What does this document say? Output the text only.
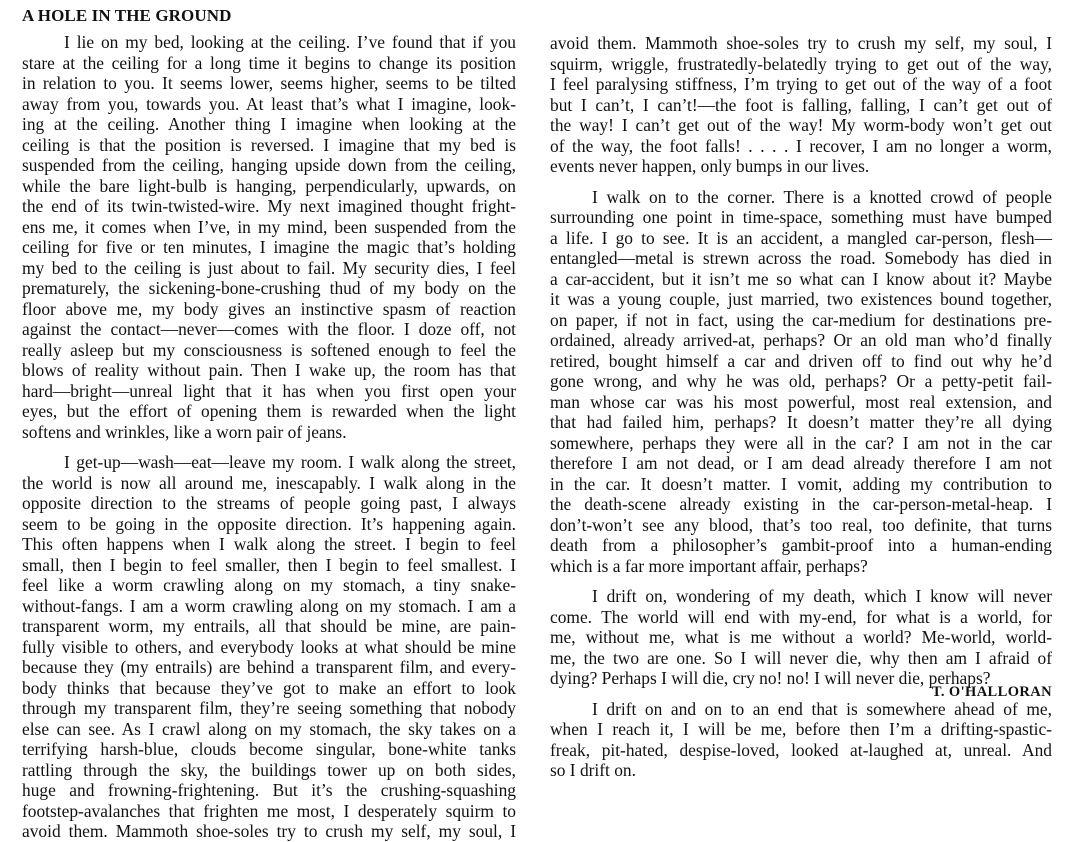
A HOLE IN THE GROUND
I lie on my bed, looking at the ceiling. I’ve found that if you
stare at the ceiling for a long time it begins to change its position
in relation to you. It seems lower, seems higher, seems to be tilted
away from you, towards you. At least that’s what I imagine, look-
ing at the ceiling. Another thing I imagine when looking at the
ceiling is that the position is reversed. I imagine that my bed is
suspended from the ceiling, hanging upside down from the ceiling,
while the bare light-bulb is hanging, perpendicularly, upwards, on
the end of its twin-twisted-wire. My next imagined thought fright-
ens me, it comes when I’ve, in my mind, been suspended from the
ceiling for five or ten minutes, I imagine the magic that’s holding
my bed to the ceiling is just about to fail. My security dies, I feel
prematurely, the sickening-bone-crushing thud of my body on the
floor above me, my body gives an instinctive spasm of reaction
against the contact—never—comes with the floor. I doze off, not
really asleep but my consciousness is softened enough to feel the
blows of reality without pain. Then I wake up, the room has that
hard—bright—unreal light that it has when you first open your
eyes, but the effort of opening them is rewarded when the light
softens and wrinkles, like a worn pair of jeans.
I get-up—wash—eat—leave my room. I walk along the street,
the world is now all around me, inescapably. I walk along in the
opposite direction to the streams of people going past, I always
seem to be going in the opposite direction. It’s happening again.
This often happens when I walk along the street. I begin to feel
small, then I begin to feel smaller, then I begin to feel smallest. I
feel like a worm crawling along on my stomach, a tiny snake-
without-fangs. I am a worm crawling along on my stomach. I am a
transparent worm, my entrails, all that should be mine, are pain-
fully visible to others, and everybody looks at what should be mine
because they (my entrails) are behind a transparent film, and every-
body thinks that because they’ve got to make an effort to look
through my transparent film, they’re seeing something that nobody
else can see. As I crawl along on my stomach, the sky takes on a
terrifying harsh-blue, clouds become singular, bone-white tanks
rattling through the sky, the buildings tower up on both sides,
huge and frowning-frightening. But it’s the crushing-squashing
footstep-avalanches that frighten me most, I desperately squirm to
avoid them. Mammoth shoe-soles try to crush my self, my soul, I
avoid them. Mammoth shoe-soles try to crush my self, my soul, I
squirm, wriggle, frustratedly-belatedly trying to get out of the way,
I feel paralysing stiffness, I’m trying to get out of the way of a foot
but I can’t, I can’t!—the foot is falling, falling, I can’t get out of
the way! I can’t get out of the way! My worm-body won’t get out
of the way, the foot falls! . . . . I recover, I am no longer a worm,
events never happen, only bumps in our lives.
I walk on to the corner. There is a knotted crowd of people
surrounding one point in time-space, something must have bumped
a life. I go to see. It is an accident, a mangled car-person, flesh—
entangled—metal is strewn across the road. Somebody has died in
a car-accident, but it isn’t me so what can I know about it? Maybe
it was a young couple, just married, two existences bound together,
on paper, if not in fact, using the car-medium for destinations pre-
ordained, already arrived-at, perhaps? Or an old man who’d finally
retired, bought himself a car and driven off to find out why he’d
gone wrong, and why he was old, perhaps? Or a petty-petit fail-
man whose car was his most powerful, most real extension, and
that had failed him, perhaps? It doesn’t matter they’re all dying
somewhere, perhaps they were all in the car? I am not in the car
therefore I am not dead, or I am dead already therefore I am not
in the car. It doesn’t matter. I vomit, adding my contribution to
the death-scene already existing in the car-person-metal-heap. I
don’t-won’t see any blood, that’s too real, too definite, that turns
death from a philosopher’s gambit-proof into a human-ending
which is a far more important affair, perhaps?
I drift on, wondering of my death, which I know will never
come. The world will end with my-end, for what is a world, for
me, without me, what is me without a world? Me-world, world-
me, the two are one. So I will never die, why then am I afraid of
dying? Perhaps I will die, cry no! no! I will never die, perhaps?
I drift on and on to an end that is somewhere ahead of me,
when I reach it, I will be me, before then I’m a drifting-spastic-
freak, pit-hated, despise-loved, looked at-laughed at, unreal. And
so I drift on.
T. O'HALLORAN
